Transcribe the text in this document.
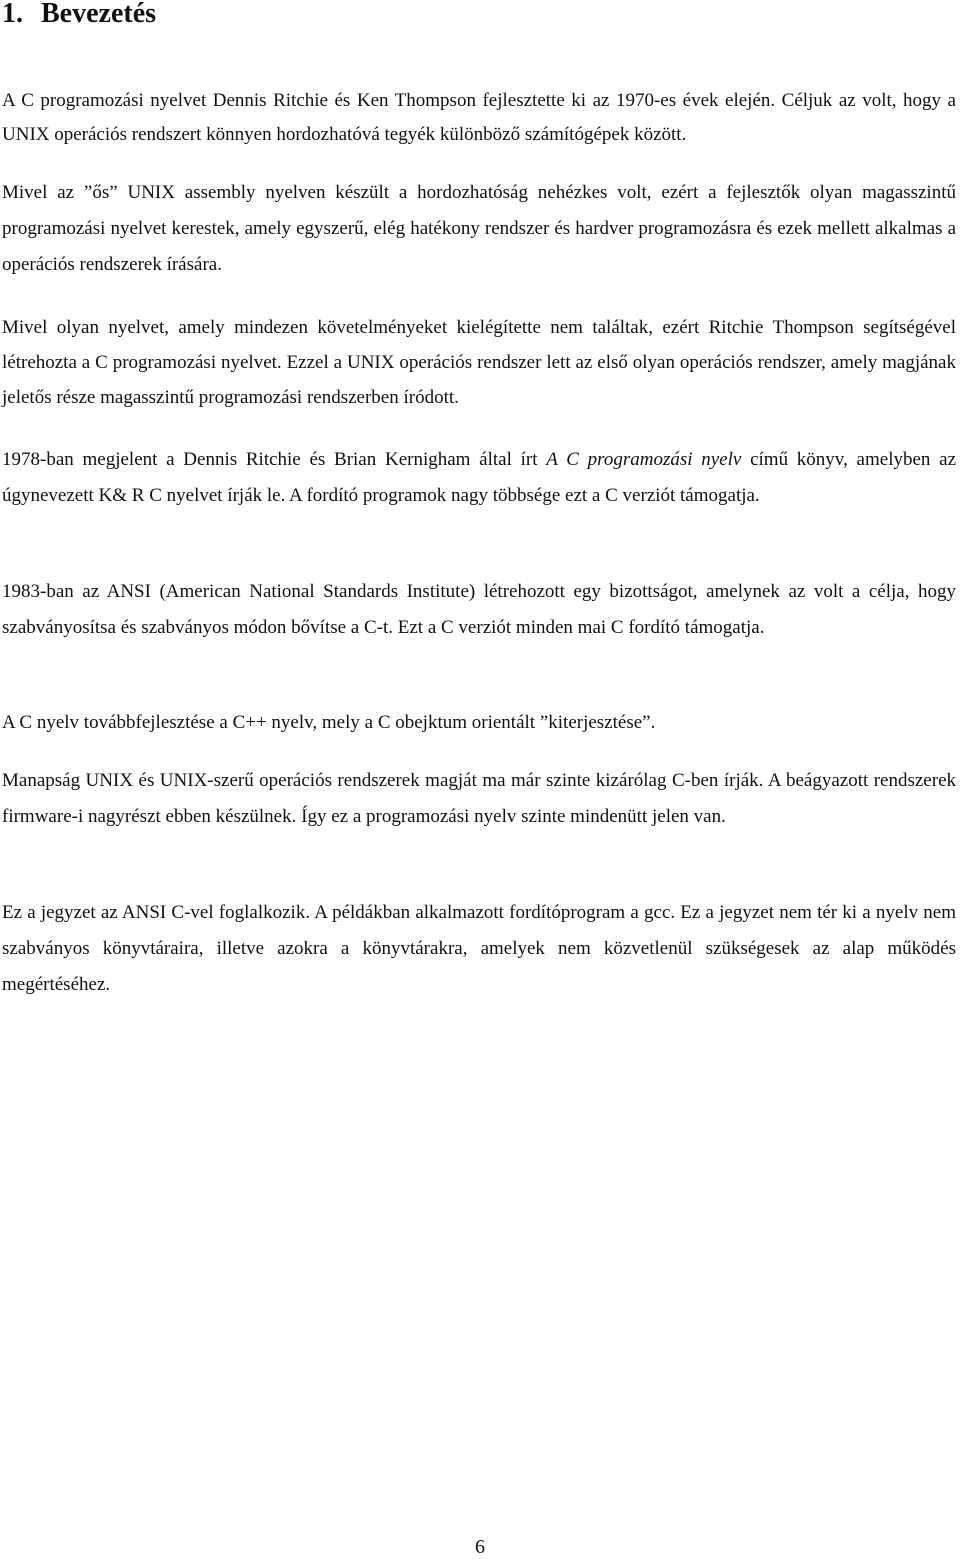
1. Bevezetés

A C programozási nyelvet Dennis Ritchie és Ken Thompson fejlesztette ki az 1970-es évek elején. Céljuk az volt, hogy a UNIX operációs rendszert könnyen hordozhatóvá tegyék különböző számítógépek között.

Mivel az ”ős” UNIX assembly nyelven készült a hordozhatóság nehézkes volt, ezért a fejlesztők olyan magasszintű programozási nyelvet kerestek, amely egyszerű, elég hatékony rendszer és hardver programozásra és ezek mellett alkalmas a operációs rendszerek írására.

Mivel olyan nyelvet, amely mindezen követelményeket kielégítette nem találtak, ezért Ritchie Thompson segítségével létrehozta a C programozási nyelvet. Ezzel a UNIX operációs rendszer lett az első olyan operációs rendszer, amely magjának jeletős része magasszintű programozási rendszerben íródott.

1978-ban megjelent a Dennis Ritchie és Brian Kernigham által írt A C programozási nyelv című könyv, amelyben az úgynevezett K& R C nyelvet írják le. A fordító programok nagy többsége ezt a C verziót támogatja.

1983-ban az ANSI (American National Standards Institute) létrehozott egy bizottságot, amelynek az volt a célja, hogy szabványosítsa és szabványos módon bővítse a C-t. Ezt a C verziót minden mai C fordító támogatja.

A C nyelv továbbfejlesztése a C++ nyelv, mely a C obejktum orientált ”kiterjesztése”.

Manapság UNIX és UNIX-szerű operációs rendszerek magját ma már szinte kizárólag C-ben írják. A beágyazott rendszerek firmware-i nagyrészt ebben készülnek. Így ez a programozási nyelv szinte mindenütt jelen van.

Ez a jegyzet az ANSI C-vel foglalkozik. A példákban alkalmazott fordítóprogram a gcc. Ez a jegyzet nem tér ki a nyelv nem szabványos könyvtáraira, illetve azokra a könyvtárakra, amelyek nem közvetlenül szükségesek az alap működés megértéséhez.

6
